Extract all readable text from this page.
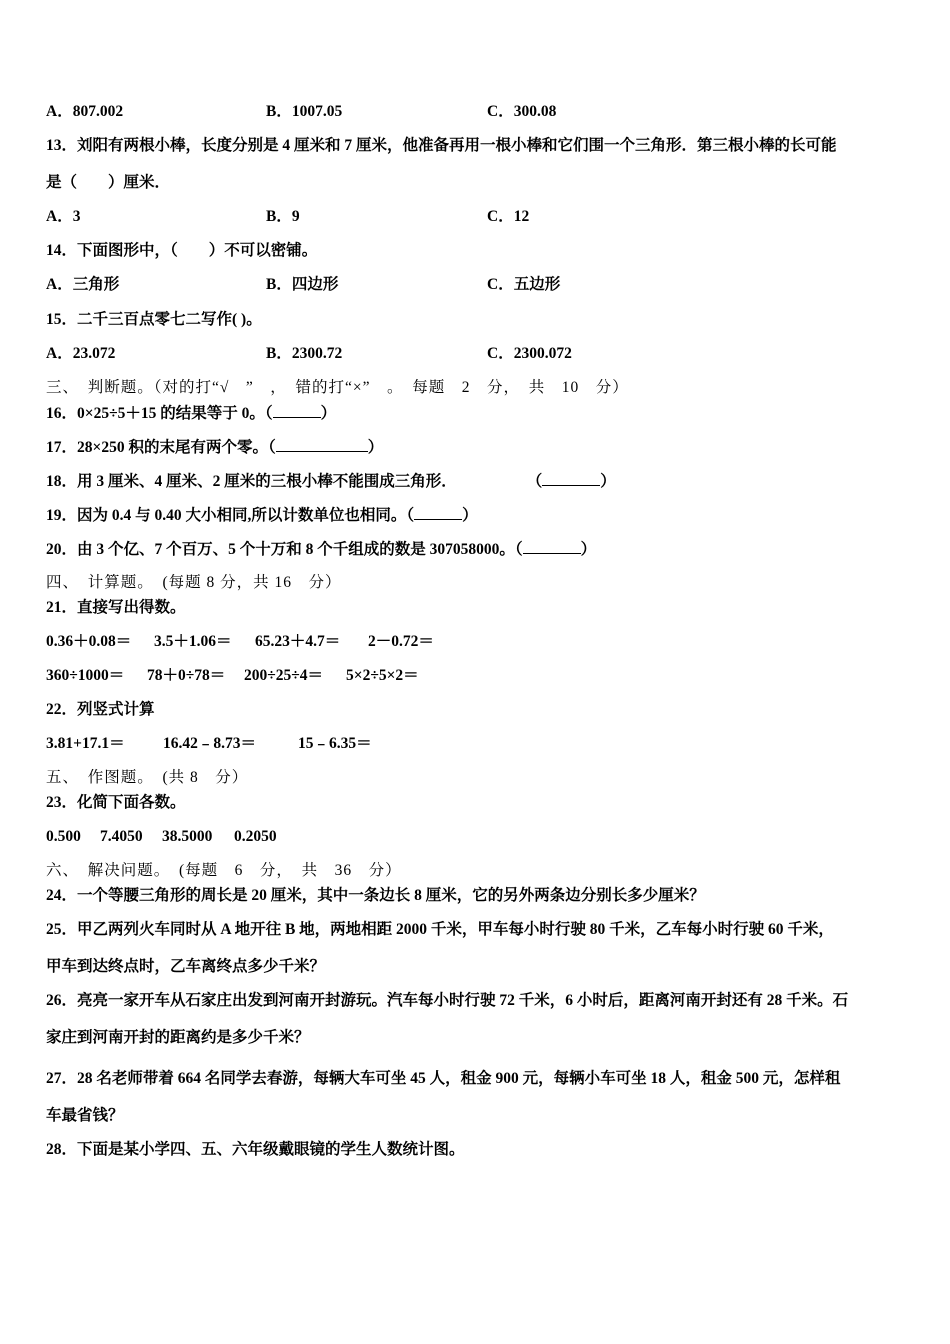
A．807.002	B．1007.05	C．300.08
13．刘阳有两根小棒，长度分别是 4 厘米和 7 厘米，他准备再用一根小棒和它们围一个三角形．第三根小棒的长可能
是（　　）厘米．
A．3	B．9	C．12
14．下面图形中，（　　）不可以密铺。
A．三角形	B．四边形	C．五边形
15．二千三百点零七二写作( )。
A．23.072	B．2300.72	C．2300.072
三、　判断题。（对的打“√　”　，　错的打“×”　。　每题　2　分，　共　10　分）
16．0×25÷5＋15 的结果等于 0。（	）
17．28×250 积的末尾有两个零。（	）
18．用 3 厘米、4 厘米、2 厘米的三根小棒不能围成三角形．	（	）
19．因为 0.4 与 0.40 大小相同,所以计数单位也相同。（	）
20．由 3 个亿、7 个百万、5 个十万和 8 个千组成的数是 307058000。（	）
四、　计算题。　(每题 8 分，共 16　分）
21．直接写出得数。
0.36＋0.08＝ 3.5＋1.06＝ 65.23＋4.7＝ 2－0.72＝
360÷1000＝ 78＋0÷78＝ 200÷25÷4＝ 5×2÷5×2＝
22．列竖式计算
3.81+17.1＝ 16.42﹣8.73＝	15﹣6.35＝
五、　作图题。　(共 8　分）
23．化简下面各数。
0.500 7.4050 38.5000 0.2050
六、　解决问题。　(每题　6　分，　共　36　分）
24．一个等腰三角形的周长是 20 厘米，其中一条边长 8 厘米，它的另外两条边分别长多少厘米？
25．甲乙两列火车同时从 A 地开往 B 地，两地相距 2000 千米，甲车每小时行驶 80 千米，乙车每小时行驶 60 千米，
甲车到达终点时，乙车离终点多少千米？
26．亮亮一家开车从石家庄出发到河南开封游玩。汽车每小时行驶 72 千米，6 小时后，距离河南开封还有 28 千米。石
家庄到河南开封的距离约是多少千米？
27．28 名老师带着 664 名同学去春游，每辆大车可坐 45 人，租金 900 元，每辆小车可坐 18 人，租金 500 元，怎样租
车最省钱？
28．下面是某小学四、五、六年级戴眼镜的学生人数统计图。
